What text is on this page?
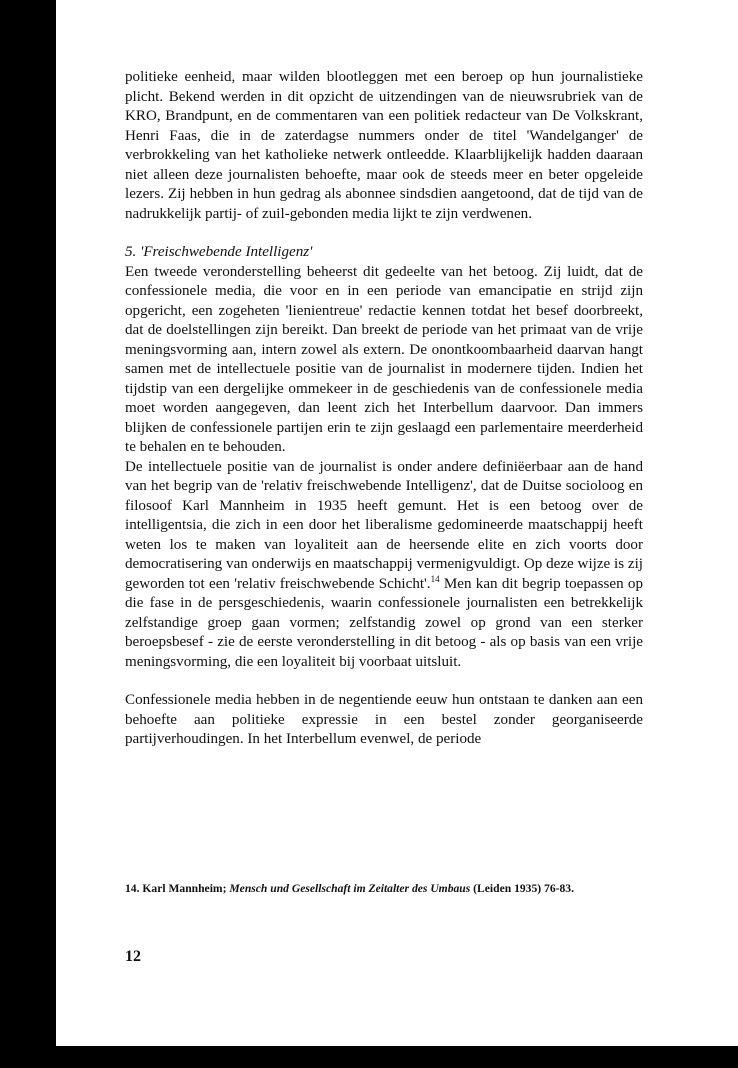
politieke eenheid, maar wilden blootleggen met een beroep op hun journalistieke plicht. Bekend werden in dit opzicht de uitzendingen van de nieuwsrubriek van de KRO, Brandpunt, en de commentaren van een politiek redacteur van De Volkskrant, Henri Faas, die in de zaterdagse nummers onder de titel 'Wandelganger' de verbrokkeling van het katholieke netwerk ontleedde. Klaarblijkelijk hadden daaraan niet alleen deze journalisten behoefte, maar ook de steeds meer en beter opgeleide lezers. Zij hebben in hun gedrag als abonnee sindsdien aangetoond, dat de tijd van de nadrukkelijk partij- of zuil-gebonden media lijkt te zijn verdwenen.

5. 'Freischwebende Intelligenz'

Een tweede veronderstelling beheerst dit gedeelte van het betoog. Zij luidt, dat de confessionele media, die voor en in een periode van emancipatie en strijd zijn opgericht, een zogeheten 'lienientreue' redactie kennen totdat het besef doorbreekt, dat de doelstellingen zijn bereikt. Dan breekt de periode van het primaat van de vrije meningsvorming aan, intern zowel als extern. De onontkoombaarheid daarvan hangt samen met de intellectuele positie van de journalist in modernere tijden. Indien het tijdstip van een dergelijke ommekeer in de geschiedenis van de confessionele media moet worden aangegeven, dan leent zich het Interbellum daarvoor. Dan immers blijken de confessionele partijen erin te zijn geslaagd een parlementaire meerderheid te behalen en te behouden.

De intellectuele positie van de journalist is onder andere definiëerbaar aan de hand van het begrip van de 'relativ freischwebende Intelligenz', dat de Duitse socioloog en filosoof Karl Mannheim in 1935 heeft gemunt. Het is een betoog over de intelligentsia, die zich in een door het liberalisme gedomineerde maatschappij heeft weten los te maken van loyaliteit aan de heersende elite en zich voorts door democratisering van onderwijs en maatschappij vermenigvuldigt. Op deze wijze is zij geworden tot een 'relativ freischwebende Schicht'.$^{14}$ Men kan dit begrip toepassen op die fase in de persgeschiedenis, waarin confessionele journalisten een betrekkelijk zelfstandige groep gaan vormen; zelfstandig zowel op grond van een sterker beroepsbesef - zie de eerste veronderstelling in dit betoog - als op basis van een vrije meningsvorming, die een loyaliteit bij voorbaat uitsluit.

Confessionele media hebben in de negentiende eeuw hun ontstaan te danken aan een behoefte aan politieke expressie in een bestel zonder georganiseerde partijverhoudingen. In het Interbellum evenwel, de periode

14. Karl Mannheim; Mensch und Gesellschaft im Zeitalter des Umbaus (Leiden 1935) 76-83.
12
